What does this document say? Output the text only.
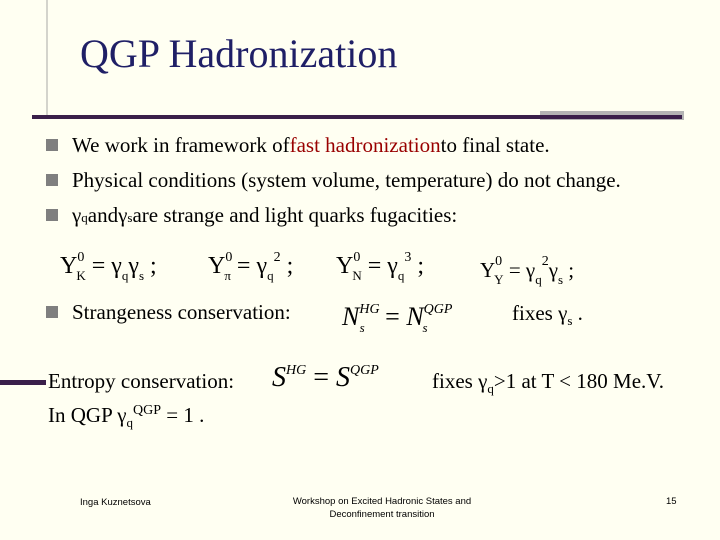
QGP Hadronization
We work in framework of fast hadronization to final state.
Physical conditions (system volume, temperature) do not change.
γ q and γ s are strange and light quarks fugacities:
$Y^0_K = \gamma_q\gamma_s$ ; $Y^0_\pi = \gamma_q^2$ ; $Y^0_N = \gamma_q^3$ ;	$Y^0_Y = \gamma_q^2\gamma_s$ ;
Strangeness conservation: $N^{HG}_s = N^{QGP}_s$
fixes $\gamma_s$ .
Entropy conservation: $S^{HG} = S^{QGP}$	fixes $\gamma_q>1$ at T < 180 Me.V.
In QGP $\gamma_q^{QGP} = 1$ .
Inga Kuznetsova	Workshop on Excited Hadronic States and
Deconfinement transition
15
